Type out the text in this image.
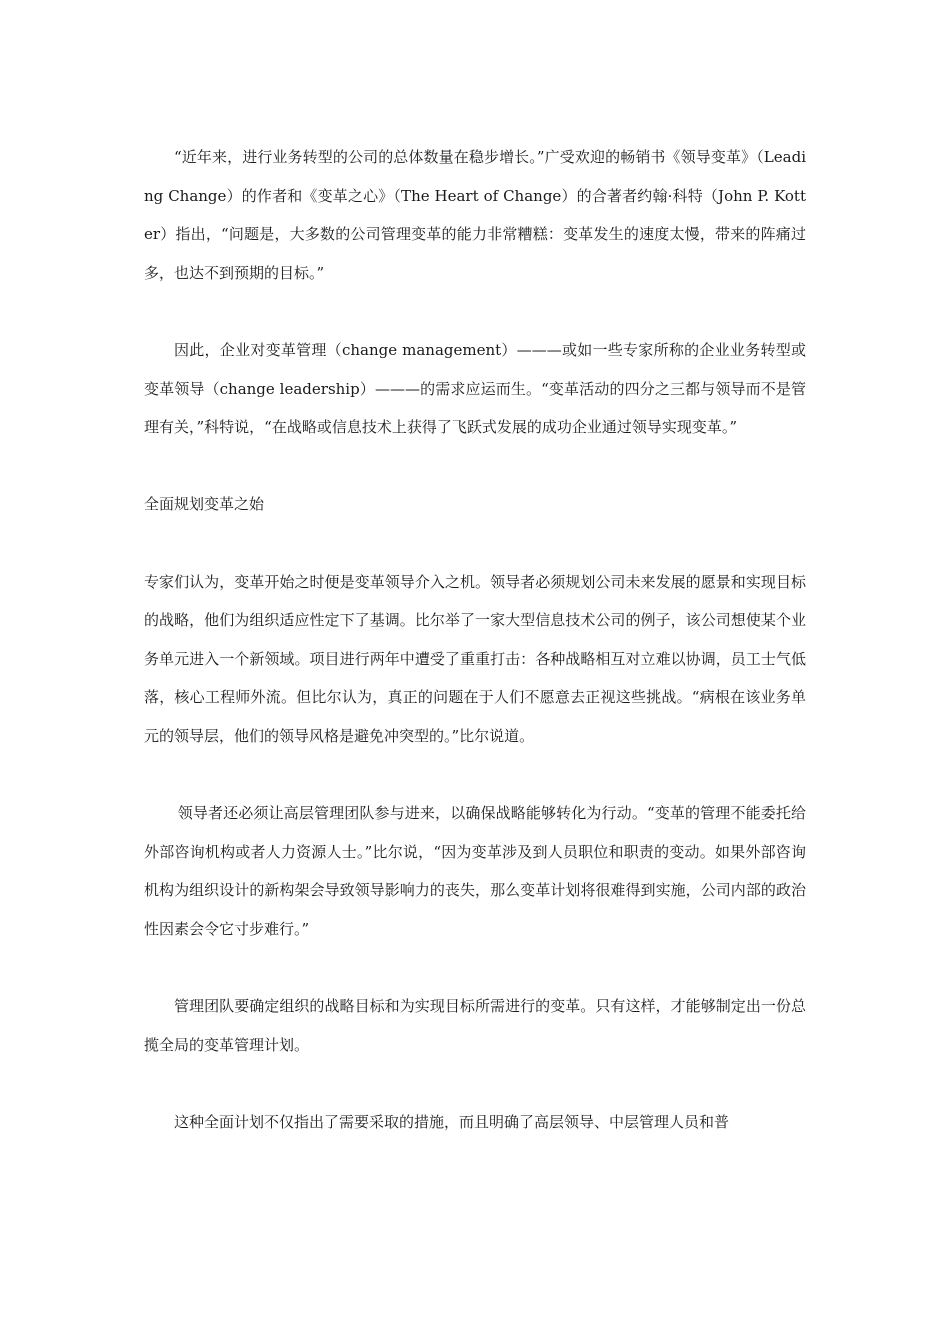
“近年来，进行业务转型的公司的总体数量在稳步增长。”广受欢迎的畅销书《领导变革》（Leading Change）的作者和《变革之心》（The Heart of Change）的合著者约翰·科特（John P. Kotter）指出，“问题是，大多数的公司管理变革的能力非常糟糕：变革发生的速度太慢，带来的阵痛过多，也达不到预期的目标。”

因此，企业对变革管理（change management）———或如一些专家所称的企业业务转型或变革领导（change leadership）———的需求应运而生。“变革活动的四分之三都与领导而不是管理有关，”科特说，“在战略或信息技术上获得了飞跃式发展的成功企业通过领导实现变革。”

全面规划变革之始

专家们认为，变革开始之时便是变革领导介入之机。领导者必须规划公司未来发展的愿景和实现目标的战略，他们为组织适应性定下了基调。比尔举了一家大型信息技术公司的例子，该公司想使某个业务单元进入一个新领域。项目进行两年中遭受了重重打击：各种战略相互对立难以协调，员工士气低落，核心工程师外流。但比尔认为，真正的问题在于人们不愿意去正视这些挑战。“病根在该业务单元的领导层，他们的领导风格是避免冲突型的。”比尔说道。

领导者还必须让高层管理团队参与进来，以确保战略能够转化为行动。“变革的管理不能委托给外部咨询机构或者人力资源人士。”比尔说，“因为变革涉及到人员职位和职责的变动。如果外部咨询机构为组织设计的新构架会导致领导影响力的丧失，那么变革计划将很难得到实施，公司内部的政治性因素会令它寸步难行。”

管理团队要确定组织的战略目标和为实现目标所需进行的变革。只有这样，才能够制定出一份总揽全局的变革管理计划。

这种全面计划不仅指出了需要采取的措施，而且明确了高层领导、中层管理人员和普
